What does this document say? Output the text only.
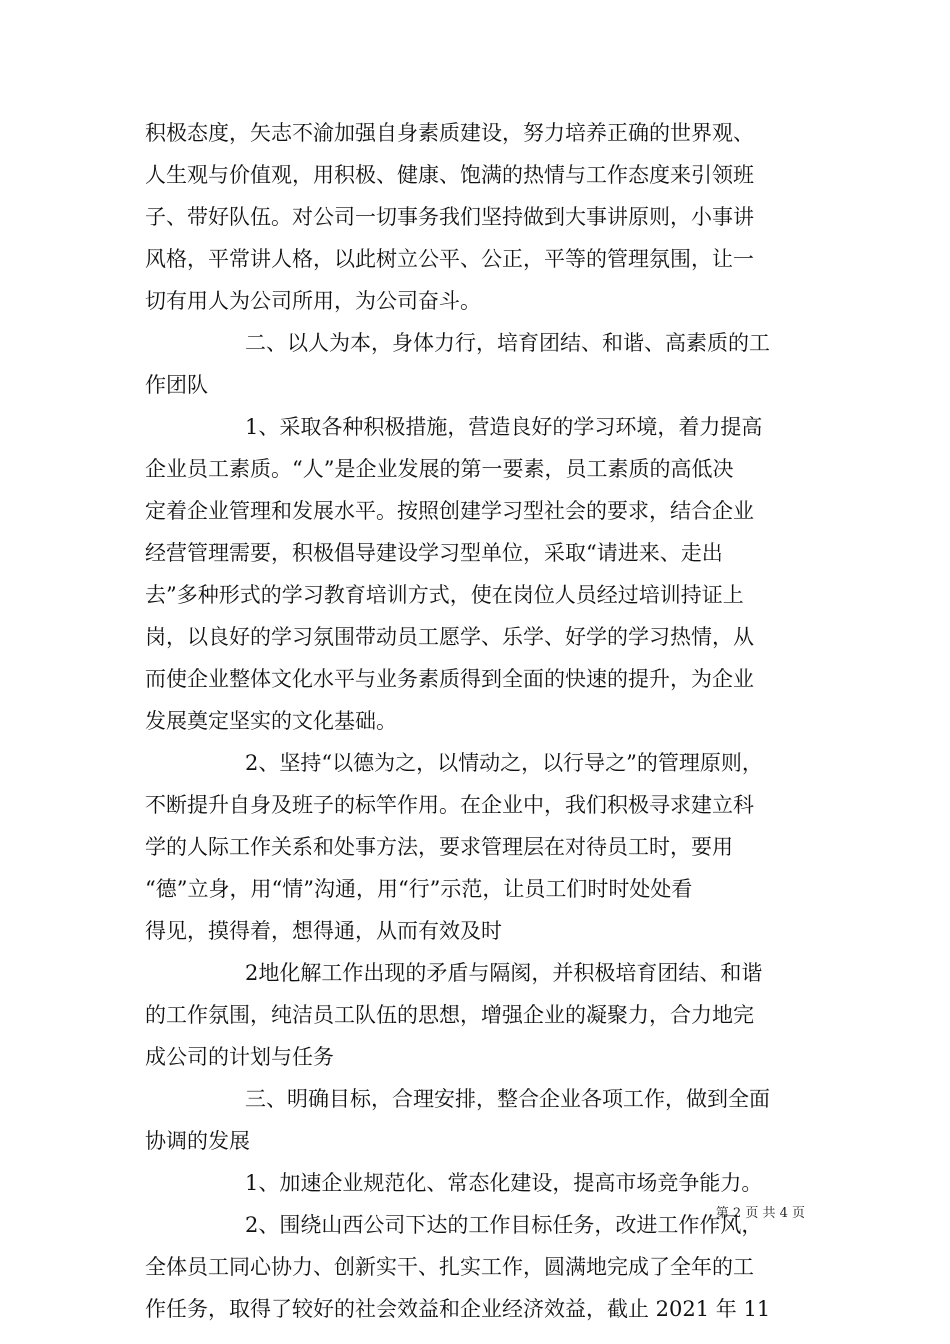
积极态度，矢志不渝加强自身素质建设，努力培养正确的世界观、
人生观与价值观，用积极、健康、饱满的热情与工作态度来引领班
子、带好队伍。对公司一切事务我们坚持做到大事讲原则，小事讲
风格，平常讲人格，以此树立公平、公正，平等的管理氛围，让一
切有用人为公司所用，为公司奋斗。
二、以人为本，身体力行，培育团结、和谐、高素质的工
作团队
1、采取各种积极措施，营造良好的学习环境，着力提高
企业员工素质。“人”是企业发展的第一要素，员工素质的高低决
定着企业管理和发展水平。按照创建学习型社会的要求，结合企业
经营管理需要，积极倡导建设学习型单位，采取“请进来、走出
去”多种形式的学习教育培训方式，使在岗位人员经过培训持证上
岗，以良好的学习氛围带动员工愿学、乐学、好学的学习热情，从
而使企业整体文化水平与业务素质得到全面的快速的提升，为企业
发展奠定坚实的文化基础。
2、坚持“以德为之，以情动之，以行导之”的管理原则，
不断提升自身及班子的标竿作用。在企业中，我们积极寻求建立科
学的人际工作关系和处事方法，要求管理层在对待员工时，要用
“德”立身，用“情”沟通，用“行”示范，让员工们时时处处看
得见，摸得着，想得通，从而有效及时
2地化解工作出现的矛盾与隔阂，并积极培育团结、和谐
的工作氛围，纯洁员工队伍的思想，增强企业的凝聚力，合力地完
成公司的计划与任务
三、明确目标，合理安排，整合企业各项工作，做到全面
协调的发展
1、加速企业规范化、常态化建设，提高市场竞争能力。
2、围绕山西公司下达的工作目标任务，改进工作作风，
全体员工同心协力、创新实干、扎实工作，圆满地完成了全年的工
作任务，取得了较好的社会效益和企业经济效益，截止 2021 年 11
第 2 页 共 4 页
